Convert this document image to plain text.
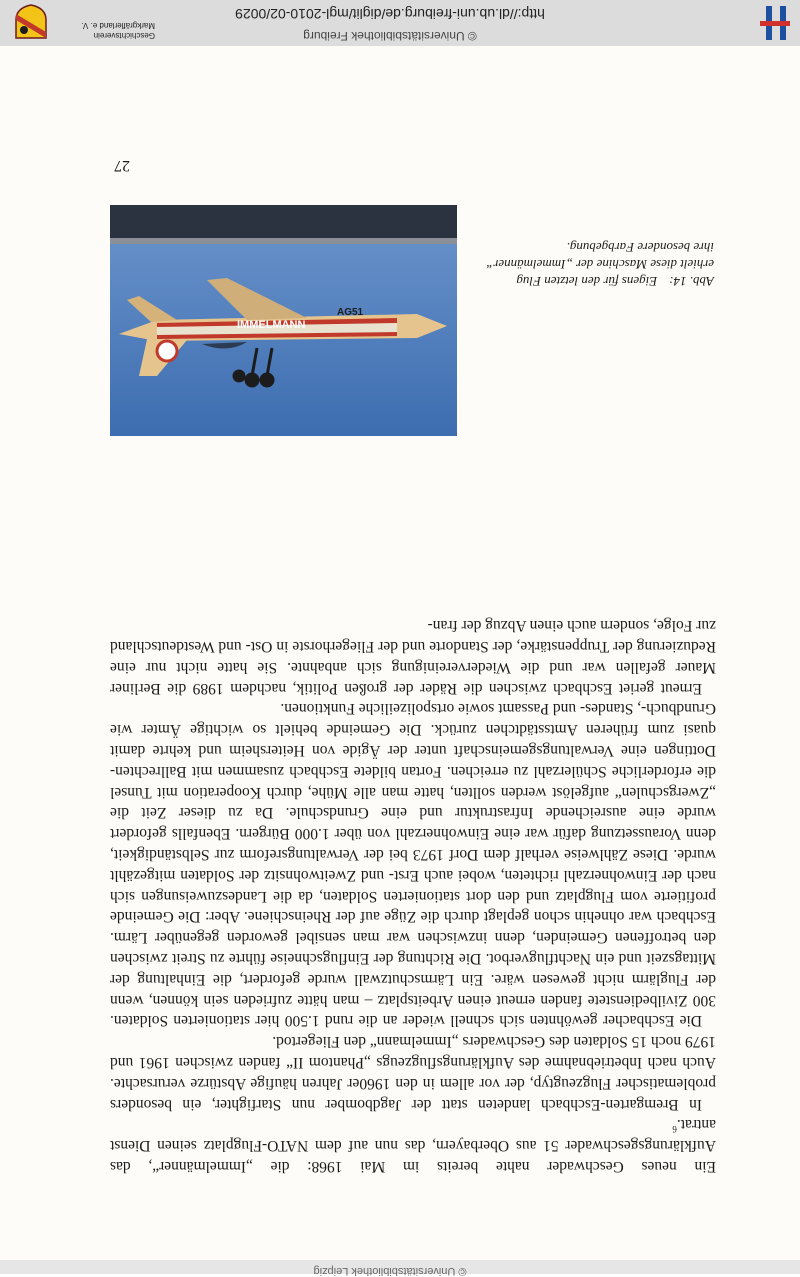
© Universitätsbibliothek Leipzig
27

Ein neues Geschwader nahte bereits im Mai 1968: die „Immelmänner“, das Aufklärungsgeschwader 51 aus Oberbayern, das nun auf dem NATO-Flugplatz seinen Dienst antrat.$^6$

In Bremgarten-Eschbach landeten statt der Jagdbomber nun Starfighter, ein besonders problematischer Flugzeugtyp, der vor allem in den 1960er Jahren häufige Abstürze verursachte. Auch nach Inbetriebnahme des Aufklärungsflugzeugs „Phantom II“ fanden zwischen 1961 und 1979 noch 15 Soldaten des Geschwaders „Immelmann“ den Fliegertod.

Die Eschbacher gewöhnten sich schnell wieder an die rund 1.500 hier stationierten Soldaten. 300 Zivilbedienstete fanden erneut einen Arbeitsplatz – man hätte zufrieden sein können, wenn der Fluglärm nicht gewesen wäre. Ein Lärmschutzwall wurde gefordert, die Einhaltung der Mittagszeit und ein Nachtflugverbot. Die Richtung der Einflugschneise führte zu Streit zwischen den betroffenen Gemeinden, denn inzwischen war man sensibel geworden gegenüber Lärm. Eschbach war ohnehin schon geplagt durch die Züge auf der Rheinschiene. Aber: Die Gemeinde profitierte vom Flugplatz und den dort stationierten Soldaten, da die Landeszuweisungen sich nach der Einwohnerzahl richteten, wobei auch Erst- und Zweitwohnsitz der Soldaten mitgezählt wurde. Diese Zählweise verhalf dem Dorf 1973 bei der Verwaltungsreform zur Selbständigkeit, denn Voraussetzung dafür war eine Einwohnerzahl von über 1.000 Bürgern. Ebenfalls gefordert wurde eine ausreichende Infrastruktur und eine Grundschule. Da zu dieser Zeit die „Zwergschulen“ aufgelöst werden sollten, hatte man alle Mühe, durch Kooperation mit Tunsel die erforderliche Schülerzahl zu erreichen. Fortan bildete Eschbach zusammen mit Ballrechten-Dottingen eine Verwaltungsgemeinschaft unter der Ägide von Heitersheim und kehrte damit quasi zum früheren Amtsstädtchen zurück. Die Gemeinde behielt so wichtige Ämter wie Grundbuch-, Standes- und Passamt sowie ortspolizeiliche Funktionen.

Erneut geriet Eschbach zwischen die Räder der großen Politik, nachdem 1989 die Berliner Mauer gefallen war und die Wiedervereinigung sich anbahnte. Sie hatte nicht nur eine Reduzierung der Truppenstärke, der Standorte und der Fliegerhorste in Ost- und Westdeutschland zur Folge, sondern auch einen Abzug der fran-

IMMELMANN
AG51
Abb. 14:Eigens für den letzten Flug erhielt diese Maschine der „Immelmänner“ ihre besondere Farbgebung.
© Universitätsbibliothek Freiburg
http://dl.ub.uni-freiburg.de/diglit/mgl-2010-02/0029
Geschichtsverein
Markgräflerland e. V.
